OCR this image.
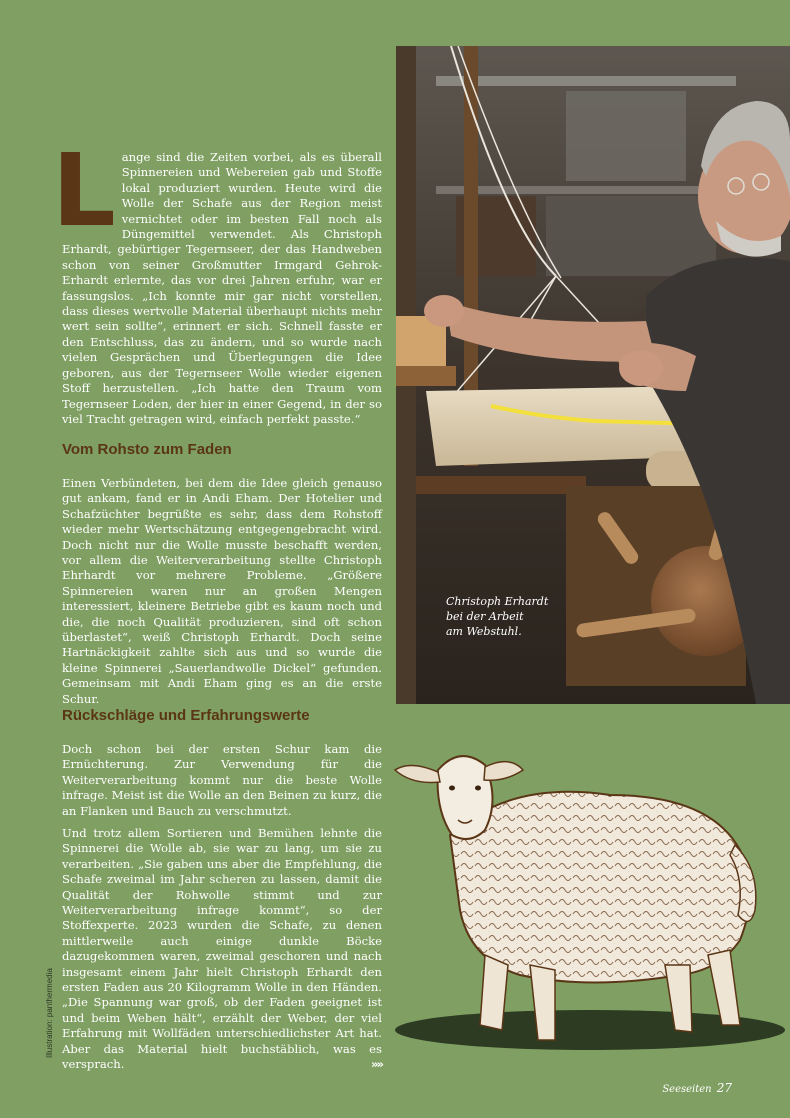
Lange sind die Zeiten vorbei, als es überall Spinnereien und Webereien gab und Stoffe lokal produziert wurden. Heute wird die Wolle der Schafe aus der Region meist vernichtet oder im besten Fall noch als Düngemittel verwendet. Als Christoph Erhardt, gebürtiger Tegernseer, der das Handweben schon von seiner Großmutter Irmgard Gehrok-Erhardt erlernte, das vor drei Jahren erfuhr, war er fassungslos. „Ich konnte mir gar nicht vorstellen, dass dieses wertvolle Material überhaupt nichts mehr wert sein sollte“, erinnert er sich. Schnell fasste er den Entschluss, das zu ändern, und so wurde nach vielen Gesprächen und Überlegungen die Idee geboren, aus der Tegernseer Wolle wieder eigenen Stoff herzustellen. „Ich hatte den Traum vom Tegernseer Loden, der hier in einer Gegend, in der so viel Tracht getragen wird, einfach perfekt passte.“
Vom Rohsto zum Faden
Einen Verbündeten, bei dem die Idee gleich genauso gut ankam, fand er in Andi Eham. Der Hotelier und Schafzüchter begrüßte es sehr, dass dem Rohstoff wieder mehr Wertschätzung entgegengebracht wird. Doch nicht nur die Wolle musste beschafft werden, vor allem die Weiterverarbeitung stellte Christoph Ehrhardt vor mehrere Probleme. „Größere Spinnereien waren nur an großen Mengen interessiert, kleinere Betriebe gibt es kaum noch und die, die noch Qualität produzieren, sind oft schon überlastet“, weiß Christoph Erhardt. Doch seine Hartnäckigkeit zahlte sich aus und so wurde die kleine Spinnerei „Sauerlandwolle Dickel“ gefunden. Gemeinsam mit Andi Eham ging es an die erste Schur.
Rückschläge und Erfahrungswerte
Doch schon bei der ersten Schur kam die Ernüchterung. Zur Verwendung für die Weiterverarbeitung kommt nur die beste Wolle infrage. Meist ist die Wolle an den Beinen zu kurz, die an Flanken und Bauch zu verschmutzt.
Und trotz allem Sortieren und Bemühen lehnte die Spinnerei die Wolle ab, sie war zu lang, um sie zu verarbeiten. „Sie gaben uns aber die Empfehlung, die Schafe zweimal im Jahr scheren zu lassen, damit die Qualität der Rohwolle stimmt und zur Weiterverarbeitung infrage kommt“, so der Stoffexperte. 2023 wurden die Schafe, zu denen mittlerweile auch einige dunkle Böcke dazugekommen waren, zweimal geschoren und nach insgesamt einem Jahr hielt Christoph Erhardt den ersten Faden aus 20 Kilogramm Wolle in den Händen. „Die Spannung war groß, ob der Faden geeignet ist und beim Weben hält“, erzählt der Weber, der viel Erfahrung mit Wollfäden unterschiedlichster Art hat. Aber das Material hielt buchstäblich, was es versprach.	»»
Christoph Erhardt
bei der Arbeit
am Webstuhl.
Illustration: panthermedia
Seeseiten 27
